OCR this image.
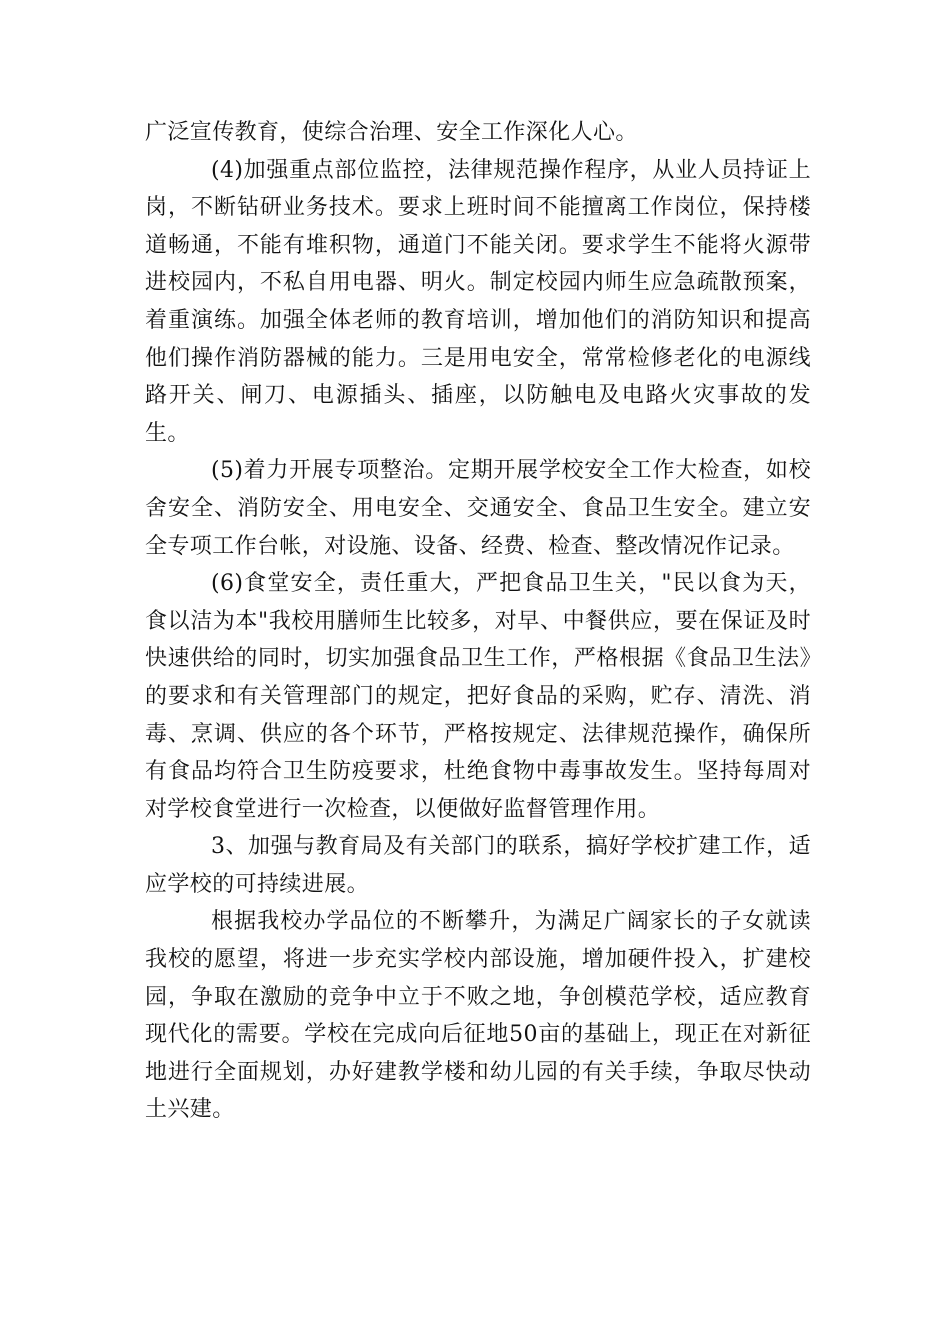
广泛宣传教育，使综合治理、安全工作深化人心。

(4)加强重点部位监控，法律规范操作程序，从业人员持证上岗，不断钻研业务技术。要求上班时间不能擅离工作岗位，保持楼道畅通，不能有堆积物，通道门不能关闭。要求学生不能将火源带进校园内，不私自用电器、明火。制定校园内师生应急疏散预案，着重演练。加强全体老师的教育培训，增加他们的消防知识和提高他们操作消防器械的能力。三是用电安全，常常检修老化的电源线路开关、闸刀、电源插头、插座，以防触电及电路火灾事故的发生。

(5)着力开展专项整治。定期开展学校安全工作大检查，如校舍安全、消防安全、用电安全、交通安全、食品卫生安全。建立安全专项工作台帐，对设施、设备、经费、检查、整改情况作记录。

(6)食堂安全，责任重大，严把食品卫生关，"民以食为天，食以洁为本"我校用膳师生比较多，对早、中餐供应，要在保证及时快速供给的同时，切实加强食品卫生工作，严格根据《食品卫生法》的要求和有关管理部门的规定，把好食品的采购，贮存、清洗、消毒、烹调、供应的各个环节，严格按规定、法律规范操作，确保所有食品均符合卫生防疫要求，杜绝食物中毒事故发生。坚持每周对对学校食堂进行一次检查，以便做好监督管理作用。

3、加强与教育局及有关部门的联系，搞好学校扩建工作，适应学校的可持续进展。

根据我校办学品位的不断攀升，为满足广阔家长的子女就读我校的愿望，将进一步充实学校内部设施，增加硬件投入，扩建校园，争取在激励的竞争中立于不败之地，争创模范学校，适应教育现代化的需要。学校在完成向后征地50亩的基础上，现正在对新征地进行全面规划，办好建教学楼和幼儿园的有关手续，争取尽快动土兴建。
